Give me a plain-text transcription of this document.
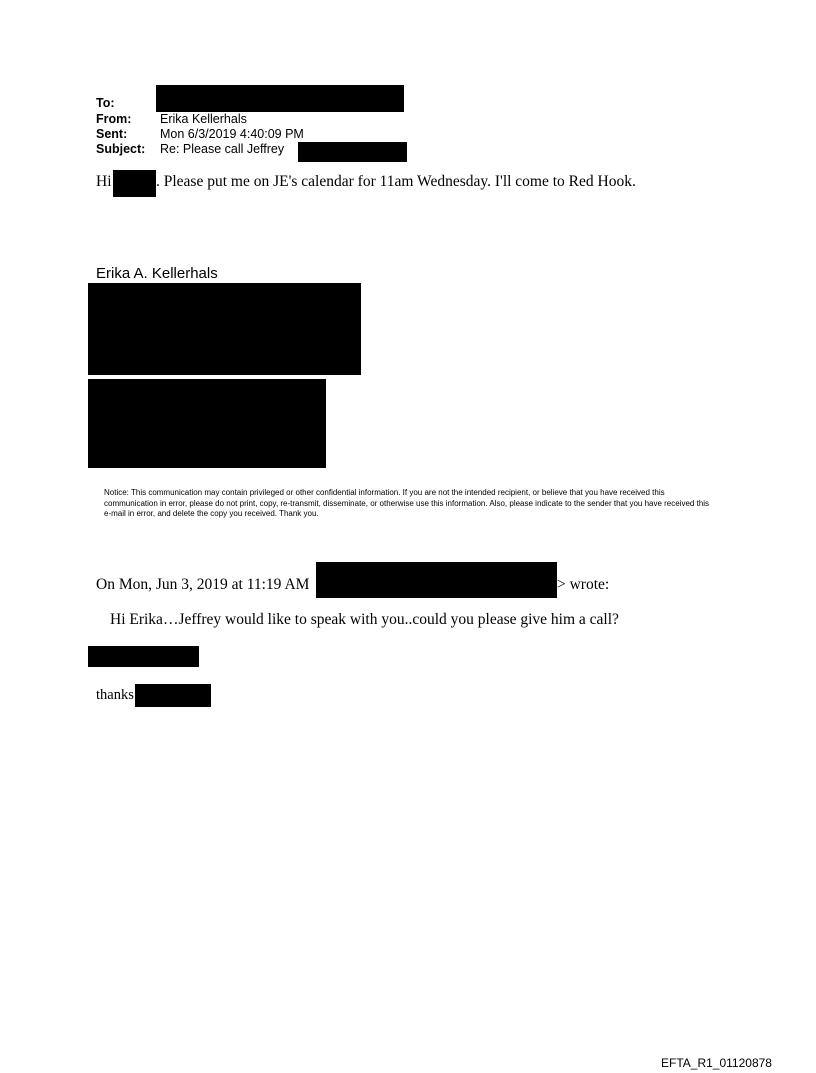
To:
From: Erika Kellerhals
Sent:	Mon 6/3/2019 4:40:09 PM
Subject: Re: Please call Jeffrey
Hi	. Please put me on JE's calendar for 11am Wednesday. I'll come to Red Hook.
Erika A. Kellerhals
Notice: This communication may contain privileged or other confidential information. If you are not the intended recipient, or believe that you have received this communication in error, please do not print, copy, re-transmit, disseminate, or otherwise use this information. Also, please indicate to the sender that you have received this e-mail in error, and delete the copy you received. Thank you.
On Mon, Jun 3, 2019 at 11:19 AM	> wrote:
Hi Erika…Jeffrey would like to speak with you..could you please give him a call?
thanks
EFTA_R1_01120878
